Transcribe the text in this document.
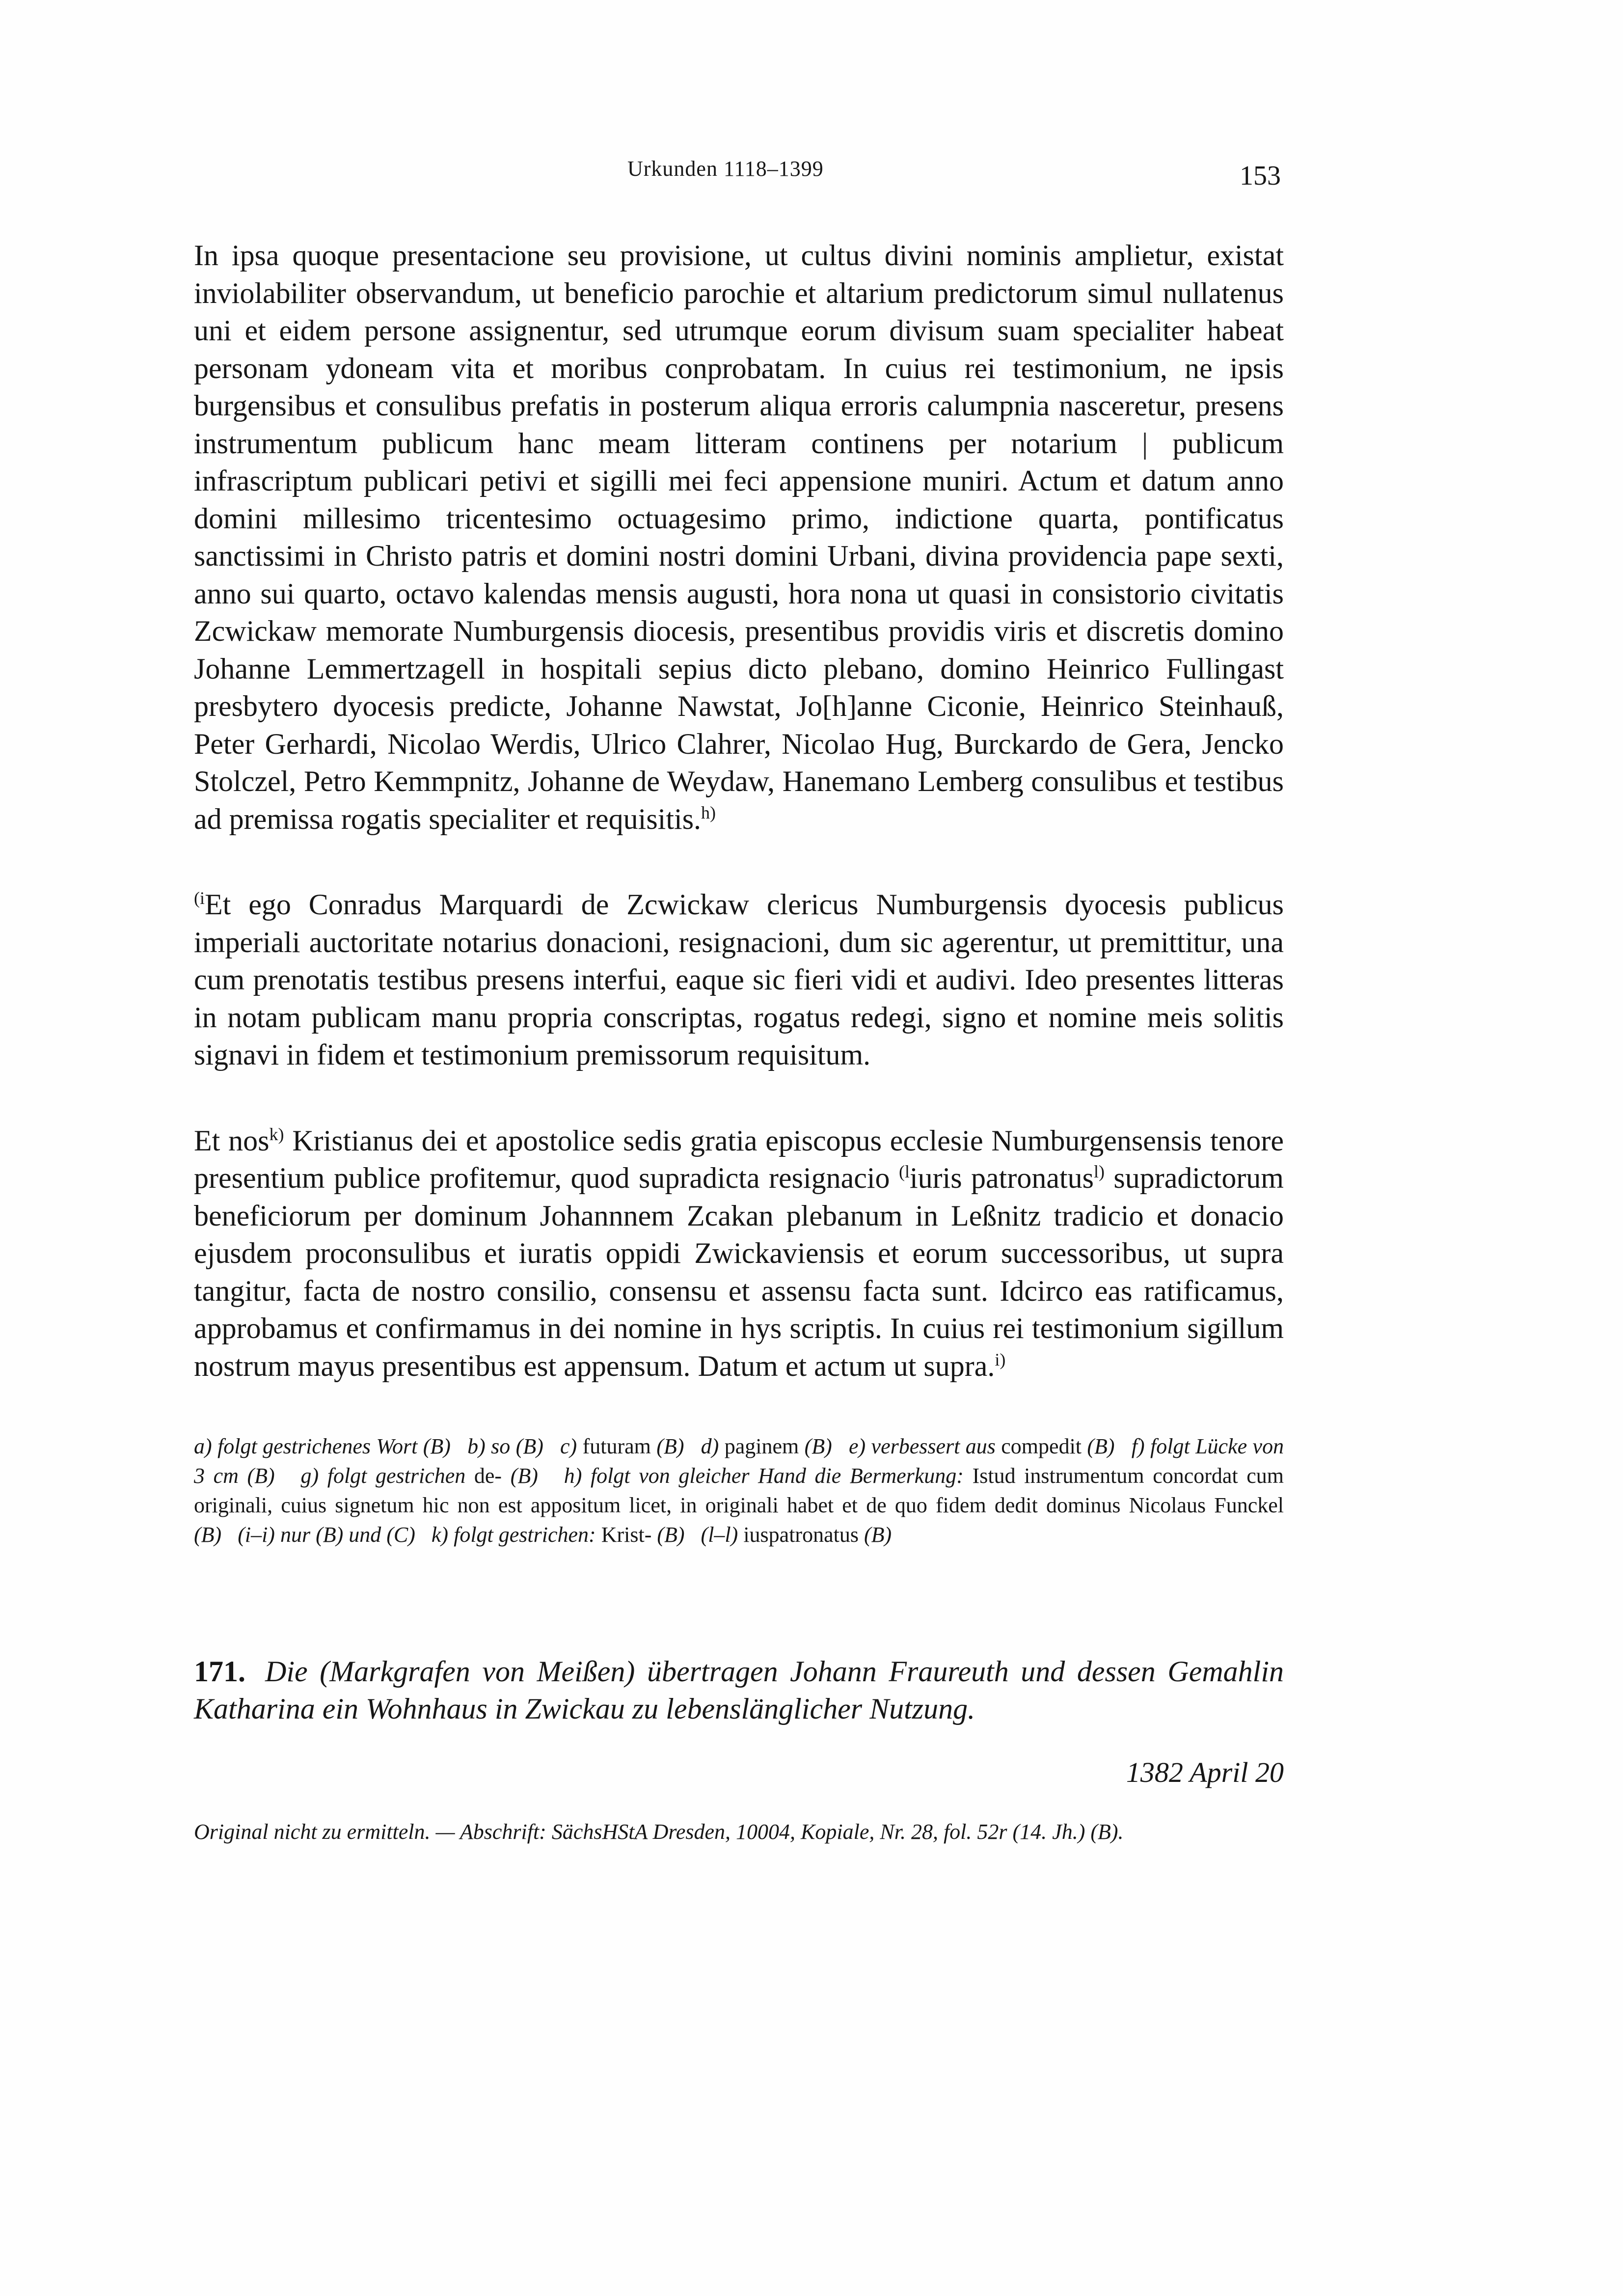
Urkunden 1118–1399	153

In ipsa quoque presentacione seu provisione, ut cultus divini nominis amplietur, existat inviolabiliter observandum, ut beneficio parochie et altarium predictorum simul nullatenus uni et eidem persone assignentur, sed utrumque eorum divisum suam specialiter habeat personam ydoneam vita et moribus conprobatam. In cuius rei testimonium, ne ipsis burgensibus et consulibus prefatis in posterum aliqua erroris calumpnia nasceretur, presens instrumentum publicum hanc meam litteram continens per notarium | publicum infrascriptum publicari petivi et sigilli mei feci appensione muniri. Actum et datum anno domini millesimo tricentesimo octuagesimo primo, indictione quarta, pontificatus sanctissimi in Christo patris et domini nostri domini Urbani, divina providencia pape sexti, anno sui quarto, octavo kalendas mensis augusti, hora nona ut quasi in consistorio civitatis Zcwickaw memorate Numburgensis diocesis, presentibus providis viris et discretis domino Johanne Lemmertzagell in hospitali sepius dicto plebano, domino Heinrico Fullingast presbytero dyocesis predicte, Johanne Nawstat, Jo[h]anne Ciconie, Heinrico Steinhauß, Peter Gerhardi, Nicolao Werdis, Ulrico Clahrer, Nicolao Hug, Burckardo de Gera, Jencko Stolczel, Petro Kemmpnitz, Johanne de Weydaw, Hanemano Lemberg consulibus et testibus ad premissa rogatis specialiter et requisitis.$^{h)}$

$^{(i}$Et ego Conradus Marquardi de Zcwickaw clericus Numburgensis dyocesis publicus imperiali auctoritate notarius donacioni, resignacioni, dum sic agerentur, ut premittitur, una cum prenotatis testibus presens interfui, eaque sic fieri vidi et audivi. Ideo presentes litteras in notam publicam manu propria conscriptas, rogatus redegi, signo et nomine meis solitis signavi in fidem et testimonium premissorum requisitum.

Et nos$^{k)}$ Kristianus dei et apostolice sedis gratia episcopus ecclesie Numburgensensis tenore presentium publice profitemur, quod supradicta resignacio $^{(l}$iuris patronatus$^{l)}$ supradictorum beneficiorum per dominum Johannnem Zcakan plebanum in Leßnitz tradicio et donacio ejusdem proconsulibus et iuratis oppidi Zwickaviensis et eorum successoribus, ut supra tangitur, facta de nostro consilio, consensu et assensu facta sunt. Idcirco eas ratificamus, approbamus et confirmamus in dei nomine in hys scriptis. In cuius rei testimonium sigillum nostrum mayus presentibus est appensum. Datum et actum ut supra.$^{i)}$

a) folgt gestrichenes Wort (B) b) so (B) c) futuram (B) d) paginem (B) e) verbessert aus compedit (B) f) folgt Lücke von 3 cm (B) g) folgt gestrichen de- (B) h) folgt von gleicher Hand die Bermerkung: Istud instrumentum concordat cum originali, cuius signetum hic non est appositum licet, in originali habet et de quo fidem dedit dominus Nicolaus Funckel (B) (i–i) nur (B) und (C) k) folgt gestrichen: Krist- (B) (l–l) iuspatronatus (B)
171. Die (Markgrafen von Meißen) übertragen Johann Fraureuth und dessen Gemahlin Katharina ein Wohnhaus in Zwickau zu lebenslänglicher Nutzung.
1382 April 20
Original nicht zu ermitteln. — Abschrift: SächsHStA Dresden, 10004, Kopiale, Nr. 28, fol. 52r (14. Jh.) (B).
